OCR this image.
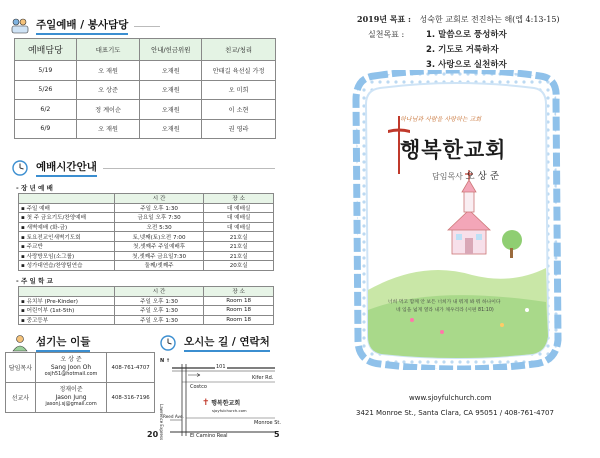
주일예배 / 봉사담당
예배담당	대표기도	안내/헌금위원	친교/청리
5/19	오 재원	오재원	안태길 육선실 가정
5/26	오 상준	오재원	오 미희
6/2	정 계이순	오재원	이 소현
6/9	오 재원	오재원	권 영라
예배시간안내
- 장 년 예 배
	시 간	장 소
▪ 주일 예배	주일 오후 1:30	대 예배실
▪ 첫 주 금요기도/찬양예배	금요일 오후 7:30	대 예배실
▪ 새벽예배 (화-금)	오전 5:30	대 예배실
▪ 토요전교인새벽기도회	토,넷째(토)오전 7:00	21호실
▪ 주교반	첫,셋째주 주일예배후	21호실
▪ 사랑방모임(소그룹)	첫,셋째주 금요일7:30	21호실
▪ 성가대연습/찬양팀연습	둘째/셋째주	20호실
- 주 일 학 교
	시 간	장 소
▪ 유치부 (Pre-Kinder)	주일 오후 1:30	Room 18
▪ 어린이부 (1st-5th)	주일 오후 1:30	Room 18
▪ 중고등부	주일 오후 1:30	Room 18
섬기는 이들
담임목사	오 상 준
Sang Joon Oh
osjh51@hotmail.com	408-761-4707
선교사	정재이준
Jason Jung
jasonj.sj@gmail.com	408-316-7196
오시는 길 / 연락처
N ↑
101
Kifer Rd.
Costco
Lawrence Express Reed Ave.
Monroe St.
El Camino Real
✝ 행복한교회
sjoyfulchurch.com
20	5
2019년 목표 : 성숙한 교회로 전진하는 해(엡 4:13-15)
실천목표 :	1. 말씀으로 풍성하자
2. 기도로 거룩하자
3. 사랑으로 실천하자
하나님과 사람을 사랑하는 교회
행복한교회
담임목사 오 상 준
너희 먹고 함께 안 보든 너희가 내 뭐게 봐 뭐 하나이다
네 입을 넓게 열라 내가 채우리라 (시편 81:10)
www.sjoyfulchurch.com
3421 Monroe St., Santa Clara, CA 95051 / 408-761-4707
